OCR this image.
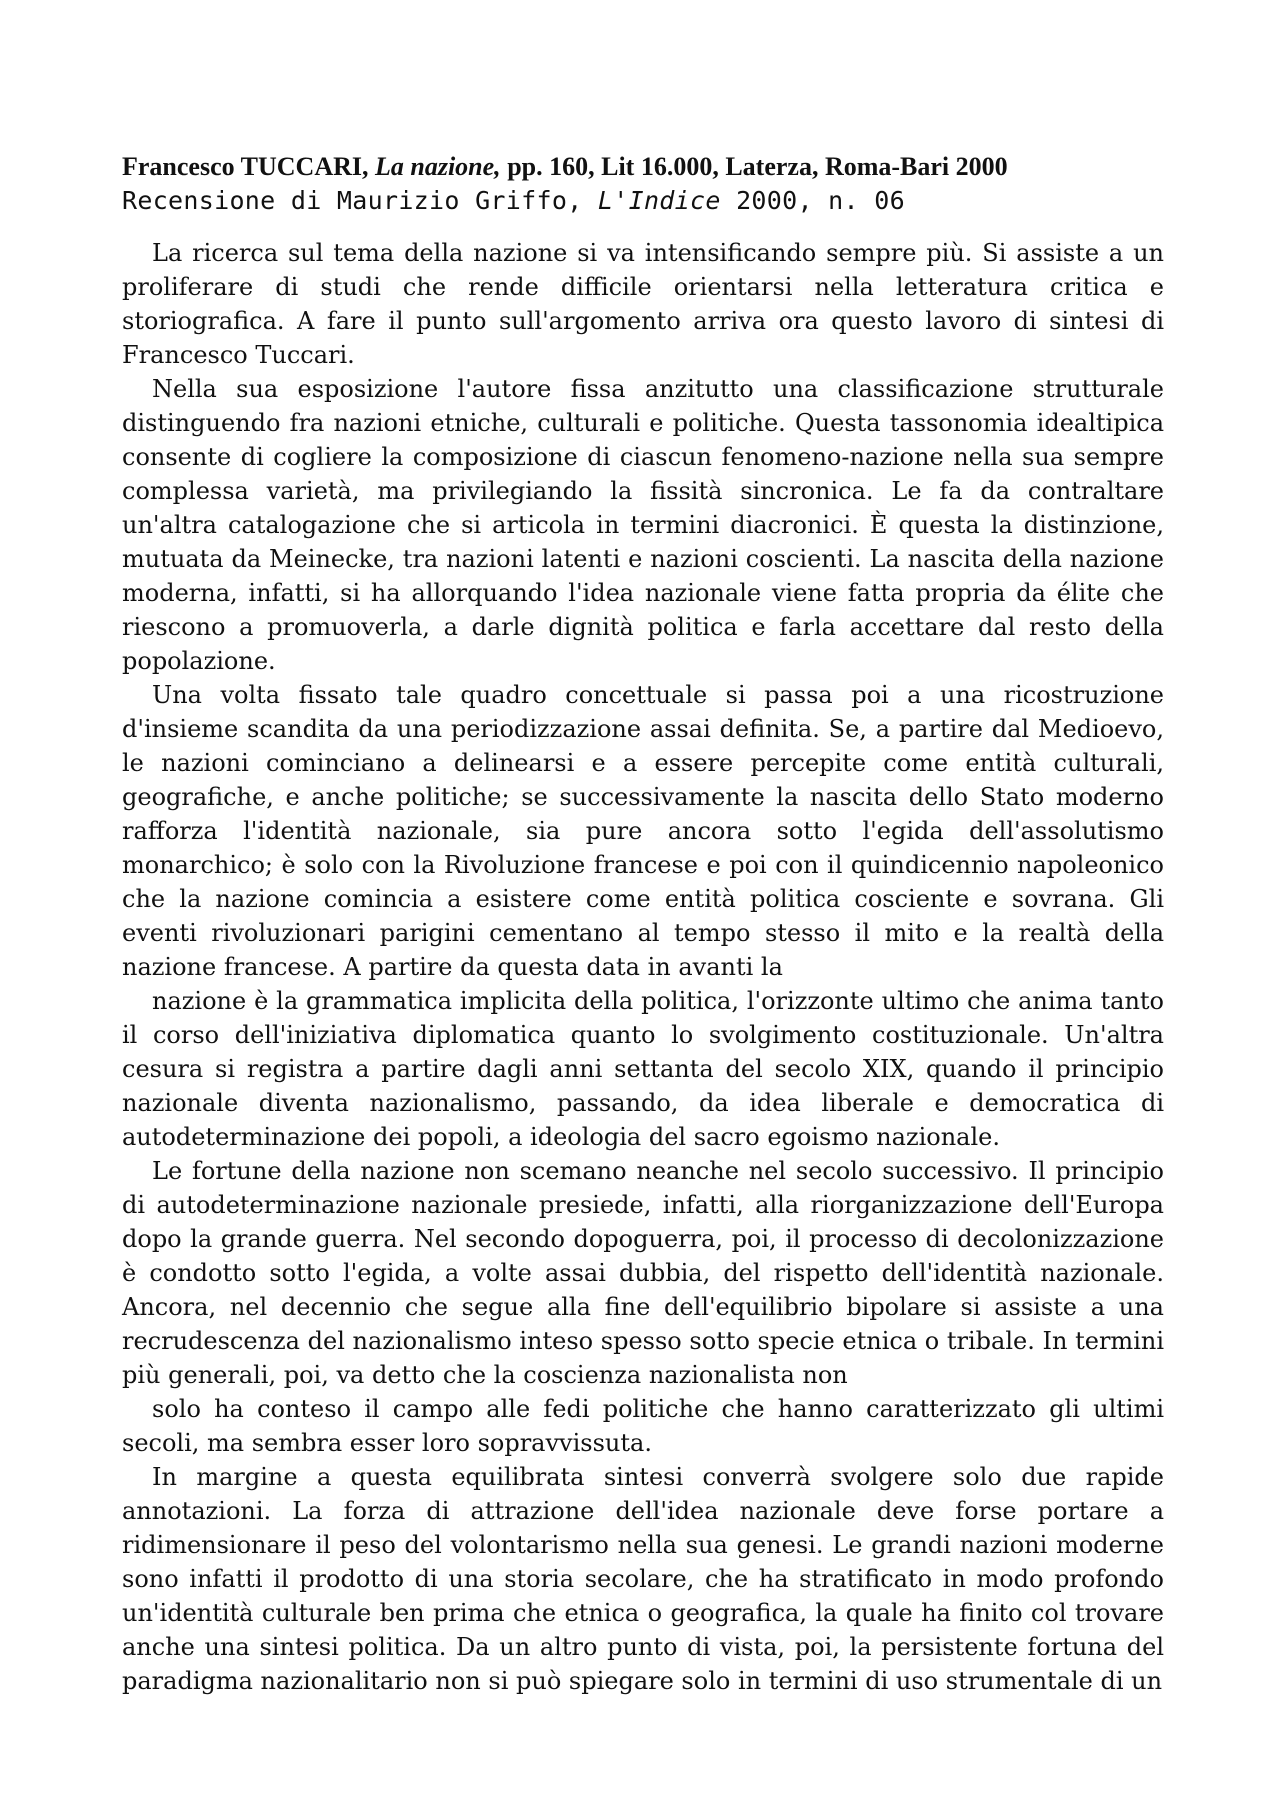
Francesco TUCCARI, La nazione, pp. 160, Lit 16.000, Laterza, Roma-Bari 2000
Recensione di Maurizio Griffo, L'Indice 2000, n. 06

La ricerca sul tema della nazione si va intensificando sempre più. Si assiste a un proliferare di studi che rende difficile orientarsi nella letteratura critica e storiografica. A fare il punto sull'argomento arriva ora questo lavoro di sintesi di Francesco Tuccari.

Nella sua esposizione l'autore fissa anzitutto una classificazione strutturale distinguendo fra nazioni etniche, culturali e politiche. Questa tassonomia idealtipica consente di cogliere la composizione di ciascun fenomeno-nazione nella sua sempre complessa varietà, ma privilegiando la fissità sincronica. Le fa da contraltare un'altra catalogazione che si articola in termini diacronici. È questa la distinzione, mutuata da Meinecke, tra nazioni latenti e nazioni coscienti. La nascita della nazione moderna, infatti, si ha allorquando l'idea nazionale viene fatta propria da élite che riescono a promuoverla, a darle dignità politica e farla accettare dal resto della popolazione.

Una volta fissato tale quadro concettuale si passa poi a una ricostruzione d'insieme scandita da una periodizzazione assai definita. Se, a partire dal Medioevo, le nazioni cominciano a delinearsi e a essere percepite come entità culturali, geografiche, e anche politiche; se successivamente la nascita dello Stato moderno rafforza l'identità nazionale, sia pure ancora sotto l'egida dell'assolutismo monarchico; è solo con la Rivoluzione francese e poi con il quindicennio napoleonico che la nazione comincia a esistere come entità politica cosciente e sovrana. Gli eventi rivoluzionari parigini cementano al tempo stesso il mito e la realtà della nazione francese. A partire da questa data in avanti la

nazione è la grammatica implicita della politica, l'orizzonte ultimo che anima tanto il corso dell'iniziativa diplomatica quanto lo svolgimento costituzionale. Un'altra cesura si registra a partire dagli anni settanta del secolo XIX, quando il principio nazionale diventa nazionalismo, passando, da idea liberale e democratica di autodeterminazione dei popoli, a ideologia del sacro egoismo nazionale.

Le fortune della nazione non scemano neanche nel secolo successivo. Il principio di autodeterminazione nazionale presiede, infatti, alla riorganizzazione dell'Europa dopo la grande guerra. Nel secondo dopoguerra, poi, il processo di decolonizzazione è condotto sotto l'egida, a volte assai dubbia, del rispetto dell'identità nazionale. Ancora, nel decennio che segue alla fine dell'equilibrio bipolare si assiste a una recrudescenza del nazionalismo inteso spesso sotto specie etnica o tribale. In termini più generali, poi, va detto che la coscienza nazionalista non

solo ha conteso il campo alle fedi politiche che hanno caratterizzato gli ultimi secoli, ma sembra esser loro sopravvissuta.

In margine a questa equilibrata sintesi converrà svolgere solo due rapide annotazioni. La forza di attrazione dell'idea nazionale deve forse portare a ridimensionare il peso del volontarismo nella sua genesi. Le grandi nazioni moderne sono infatti il prodotto di una storia secolare, che ha stratificato in modo profondo un'identità culturale ben prima che etnica o geografica, la quale ha finito col trovare anche una sintesi politica. Da un altro punto di vista, poi, la persistente fortuna del paradigma nazionalitario non si può spiegare solo in termini di uso strumentale di un
